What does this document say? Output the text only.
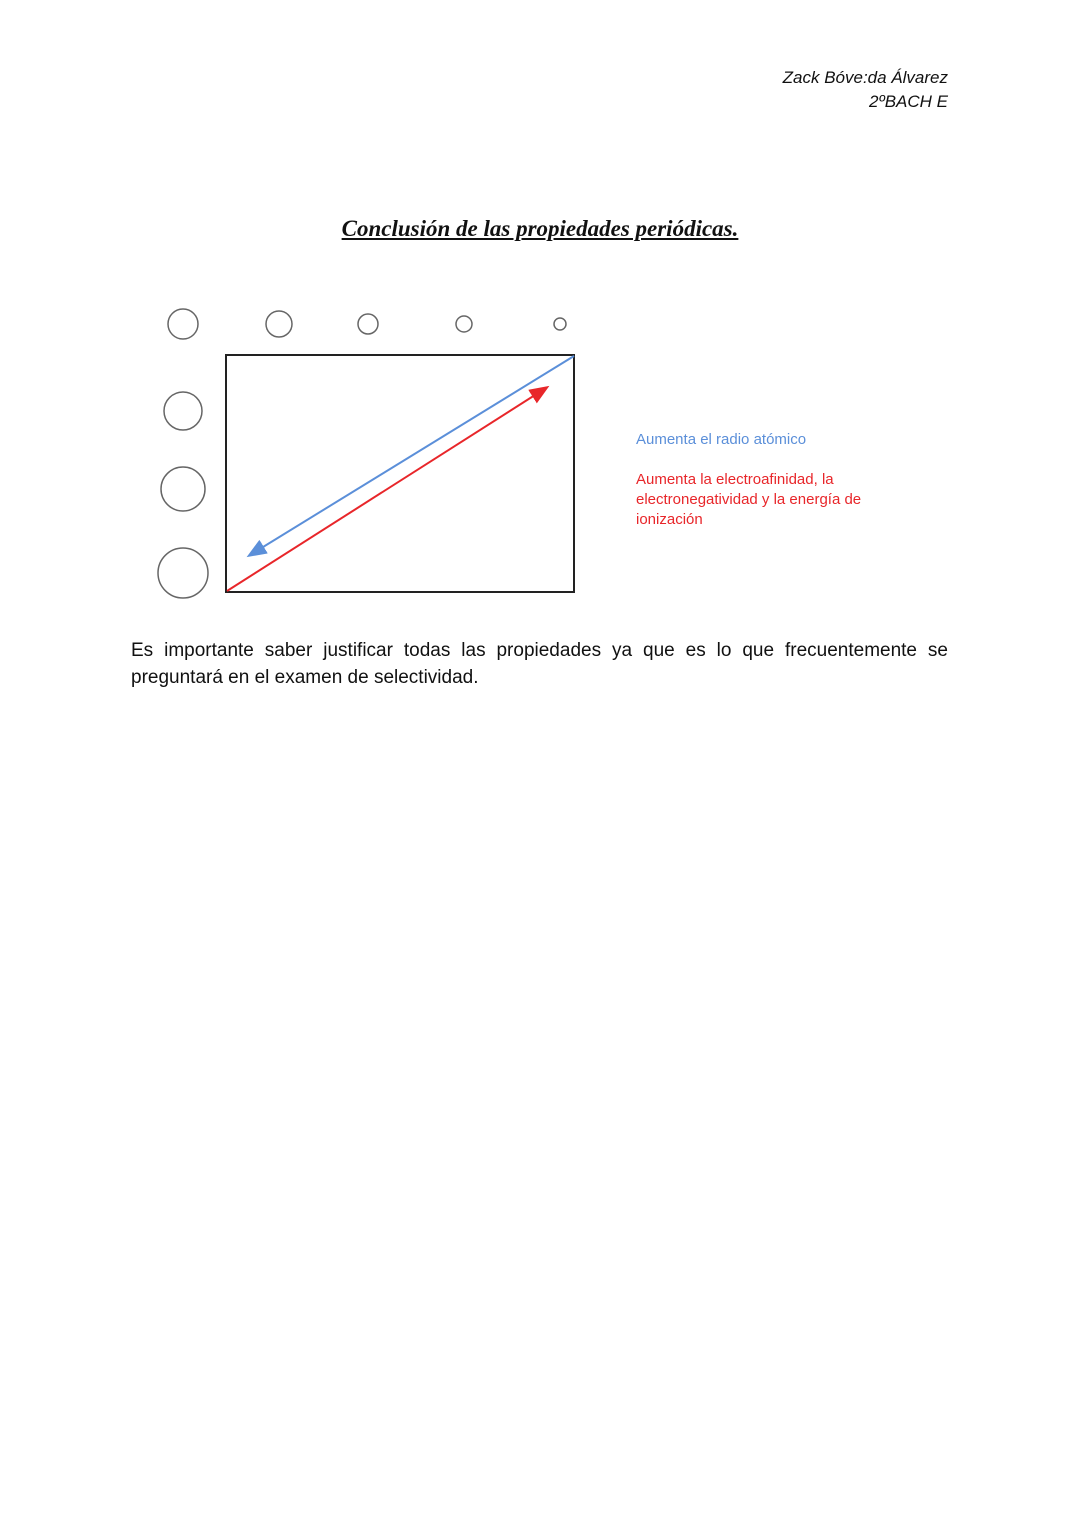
Zack Bóve:da Álvarez
2ºBACH E
Conclusión de las propiedades periódicas.
Aumenta el radio atómico
Aumenta la electroafinidad, la electronegatividad y la energía de ionización
Es importante saber justificar todas las propiedades ya que es lo que frecuentemente se preguntará en el examen de selectividad.
